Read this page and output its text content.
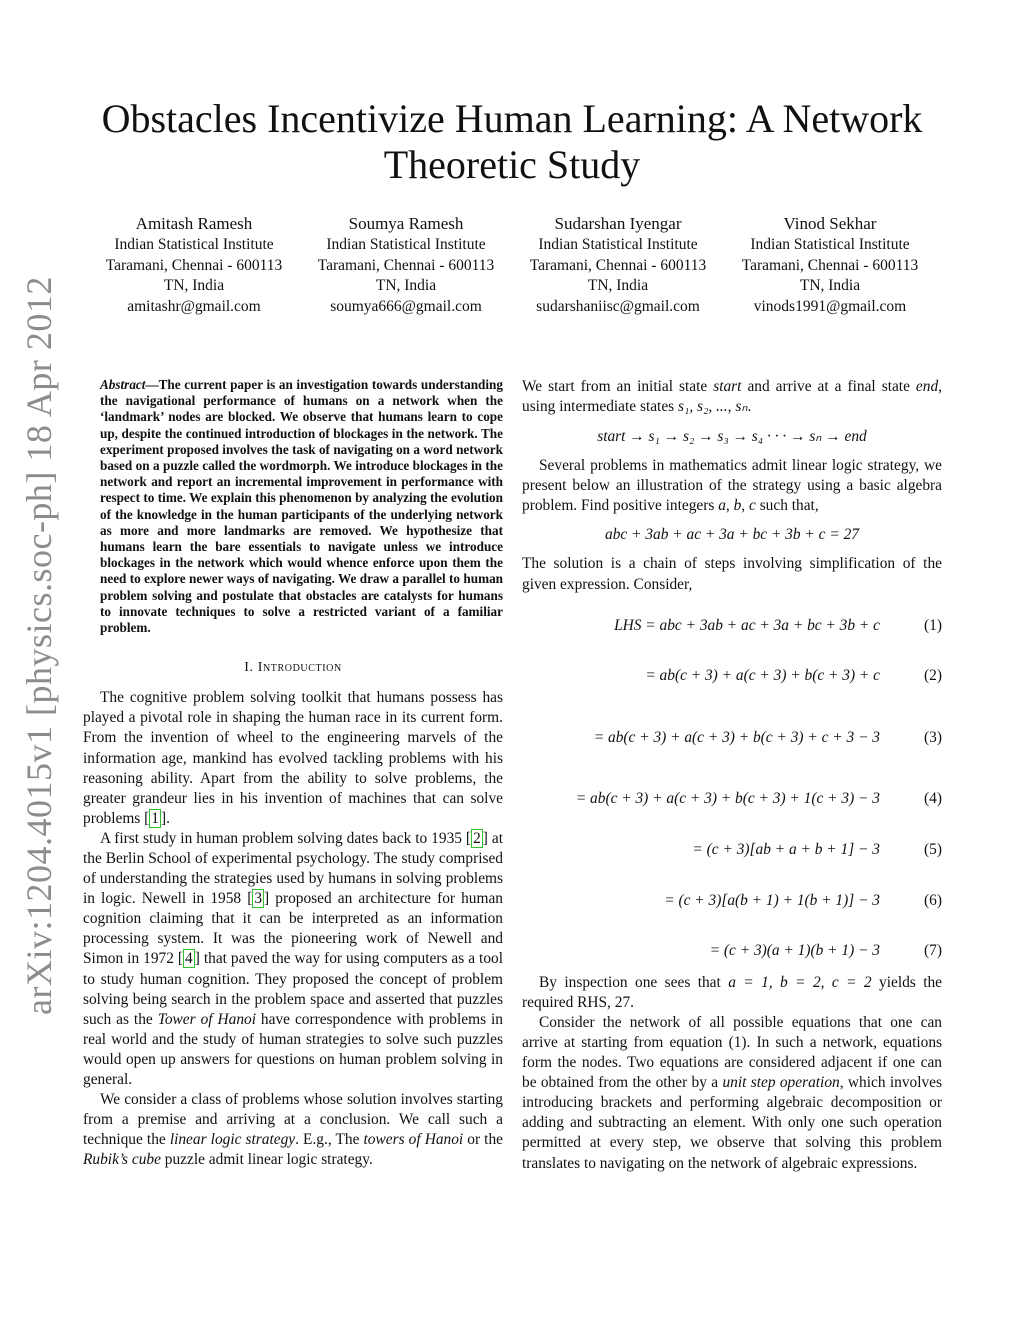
arXiv:1204.4015v1 [physics.soc-ph] 18 Apr 2012
Obstacles Incentivize Human Learning: A Network
Theoretic Study
Amitash Ramesh
Indian Statistical Institute
Taramani, Chennai - 600113
TN, India
amitashr@gmail.com
Soumya Ramesh
Indian Statistical Institute
Taramani, Chennai - 600113
TN, India
soumya666@gmail.com
Sudarshan Iyengar
Indian Statistical Institute
Taramani, Chennai - 600113
TN, India
sudarshaniisc@gmail.com
Vinod Sekhar
Indian Statistical Institute
Taramani, Chennai - 600113
TN, India
vinods1991@gmail.com

Abstract—The current paper is an investigation towards understanding the navigational performance of humans on a network when the ‘landmark’ nodes are blocked. We observe that humans learn to cope up, despite the continued introduction of blockages in the network. The experiment proposed involves the task of navigating on a word network based on a puzzle called the wordmorph. We introduce blockages in the network and report an incremental improvement in performance with respect to time. We explain this phenomenon by analyzing the evolution of the knowledge in the human participants of the underlying network as more and more landmarks are removed. We hypothesize that humans learn the bare essentials to navigate unless we introduce blockages in the network which would whence enforce upon them the need to explore newer ways of navigating. We draw a parallel to human problem solving and postulate that obstacles are catalysts for humans to innovate techniques to solve a restricted variant of a familiar problem.

I. Introduction

The cognitive problem solving toolkit that humans possess has played a pivotal role in shaping the human race in its current form. From the invention of wheel to the engineering marvels of the information age, mankind has evolved tackling problems with his reasoning ability. Apart from the ability to solve problems, the greater grandeur lies in his invention of machines that can solve problems [ 1 ].

A first study in human problem solving dates back to 1935 [ 2 ] at the Berlin School of experimental psychology. The study comprised of understanding the strategies used by humans in solving problems in logic. Newell in 1958 [ 3 ] proposed an architecture for human cognition claiming that it can be interpreted as an information processing system. It was the pioneering work of Newell and Simon in 1972 [ 4 ] that paved the way for using computers as a tool to study human cognition. They proposed the concept of problem solving being search in the problem space and asserted that puzzles such as the Tower of Hanoi have correspondence with problems in real world and the study of human strategies to solve such puzzles would open up answers for questions on human problem solving in general.

We consider a class of problems whose solution involves starting from a premise and arriving at a conclusion. We call such a technique the linear logic strategy. E.g., The towers of Hanoi or the Rubik’s cube puzzle admit linear logic strategy.

We start from an initial state start and arrive at a final state end, using intermediate states s₁, s₂, ..., sₙ.

start → s₁ → s₂ → s₃ → s₄ · · · → sₙ → end

Several problems in mathematics admit linear logic strategy, we present below an illustration of the strategy using a basic algebra problem. Find positive integers a, b, c such that,

abc + 3ab + ac + 3a + bc + 3b + c = 27

The solution is a chain of steps involving simplification of the given expression. Consider,

LHS = abc + 3ab + ac + 3a + bc + 3b + c	(1)
= ab(c + 3) + a(c + 3) + b(c + 3) + c	(2)
= ab(c + 3) + a(c + 3) + b(c + 3) + c + 3 − 3	(3)
= ab(c + 3) + a(c + 3) + b(c + 3) + 1(c + 3) − 3	(4)
= (c + 3)[ab + a + b + 1] − 3	(5)
= (c + 3)[a(b + 1) + 1(b + 1)] − 3	(6)
= (c + 3)(a + 1)(b + 1) − 3	(7)

By inspection one sees that a = 1, b = 2, c = 2 yields the required RHS, 27.

Consider the network of all possible equations that one can arrive at starting from equation (1). In such a network, equations form the nodes. Two equations are considered adjacent if one can be obtained from the other by a unit step operation, which involves introducing brackets and performing algebraic decomposition or adding and subtracting an element. With only one such operation permitted at every step, we observe that solving this problem translates to navigating on the network of algebraic expressions.
